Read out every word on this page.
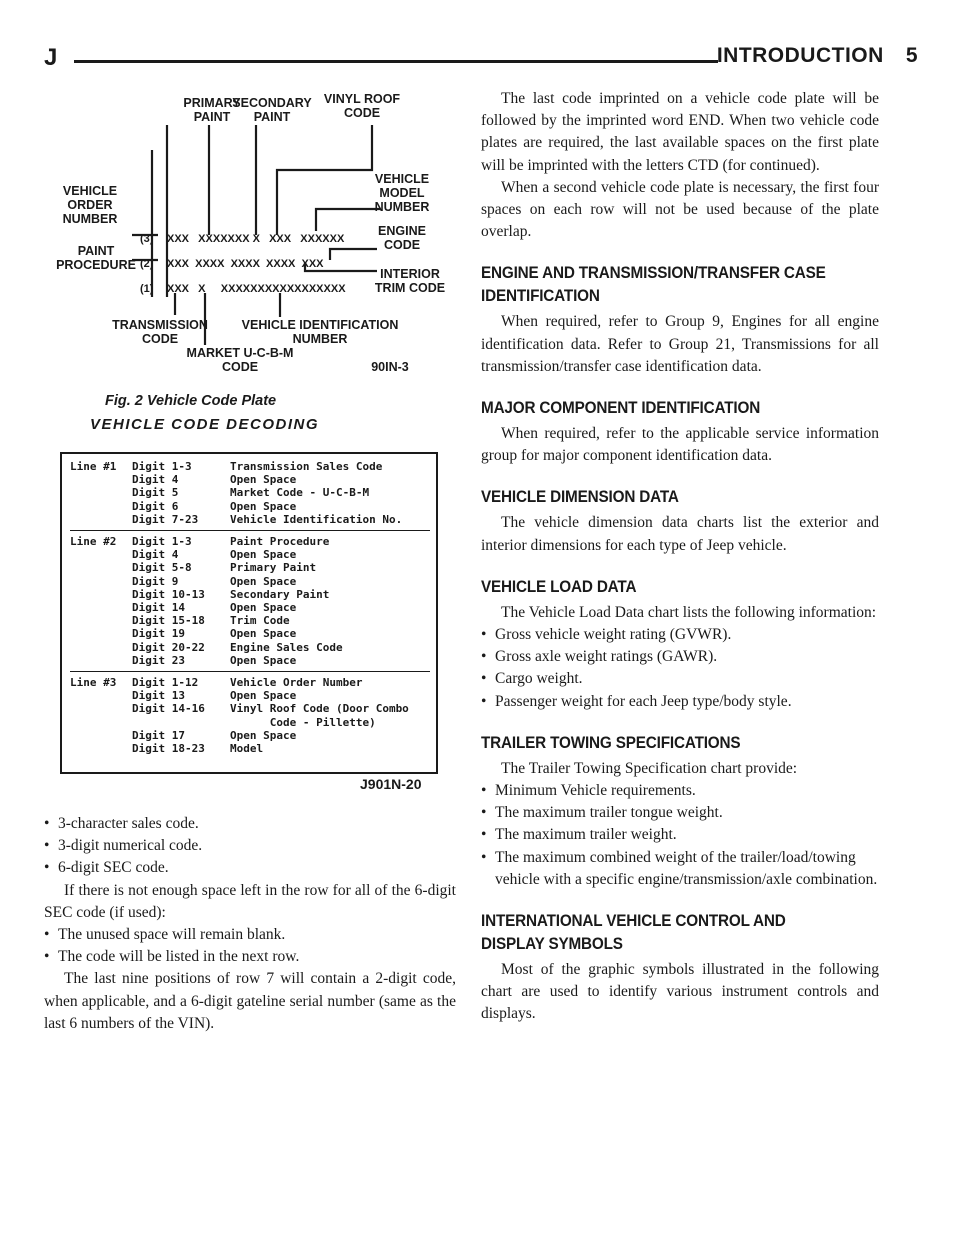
J	INTRODUCTION 5
PRIMARY PAINT
SECONDARY PAINT
VINYL ROOF CODE
VEHICLE ORDER NUMBER
VEHICLE MODEL NUMBER
PAINT PROCEDURE
ENGINE CODE
INTERIOR TRIM CODE
TRANSMISSION CODE
VEHICLE IDENTIFICATION NUMBER
MARKET U-C-B-M CODE	90IN-3
(3) XXX   XXXXXXX X   XXX   XXXXXX
(2) XXX  XXXX  XXXX  XXXX  XXX
(1) XXX   X     XXXXXXXXXXXXXXXXX
Fig. 2 Vehicle Code Plate
VEHICLE CODE DECODING
Line #1	Digit 1-3	Transmission Sales Code
Digit 4	Open Space
Digit 5	Market Code - U-C-B-M
Digit 6	Open Space
Digit 7-23	Vehicle Identification No.
Line #2	Digit 1-3	Paint Procedure
Digit 4	Open Space
Digit 5-8	Primary Paint
Digit 9	Open Space
Digit 10-13	Secondary Paint
Digit 14	Open Space
Digit 15-18	Trim Code
Digit 19	Open Space
Digit 20-22	Engine Sales Code
Digit 23	Open Space
Line #3	Digit 1-12	Vehicle Order Number
Digit 13	Open Space
Digit 14-16	Vinyl Roof Code (Door Combo
Code - Pillette)
Digit 17	Open Space
Digit 18-23	Model
J901N-20
• 3-character sales code.
• 3-digit numerical code.
• 6-digit SEC code.

If there is not enough space left in the row for all of the 6-digit SEC code (if used):

• The unused space will remain blank.
• The code will be listed in the next row.

The last nine positions of row 7 will contain a 2-digit code, when applicable, and a 6-digit gateline serial number (same as the last 6 numbers of the VIN).

The last code imprinted on a vehicle code plate will be followed by the imprinted word END. When two vehicle code plates are required, the last available spaces on the first plate will be imprinted with the letters CTD (for continued).

When a second vehicle code plate is necessary, the first four spaces on each row will not be used because of the plate overlap.

ENGINE AND TRANSMISSION/TRANSFER CASE IDENTIFICATION

When required, refer to Group 9, Engines for all engine identification data. Refer to Group 21, Transmissions for all transmission/transfer case identification data.

MAJOR COMPONENT IDENTIFICATION

When required, refer to the applicable service information group for major component identification data.

VEHICLE DIMENSION DATA

The vehicle dimension data charts list the exterior and interior dimensions for each type of Jeep vehicle.

VEHICLE LOAD DATA

The Vehicle Load Data chart lists the following information:

• Gross vehicle weight rating (GVWR).
• Gross axle weight ratings (GAWR).
• Cargo weight.
• Passenger weight for each Jeep type/body style.
TRAILER TOWING SPECIFICATIONS

The Trailer Towing Specification chart provide:

• Minimum Vehicle requirements.
• The maximum trailer tongue weight.
• The maximum trailer weight.
• The maximum combined weight of the trailer/load/towing vehicle with a specific engine/transmission/axle combination.
INTERNATIONAL VEHICLE CONTROL AND DISPLAY SYMBOLS

Most of the graphic symbols illustrated in the following chart are used to identify various instrument controls and displays.
